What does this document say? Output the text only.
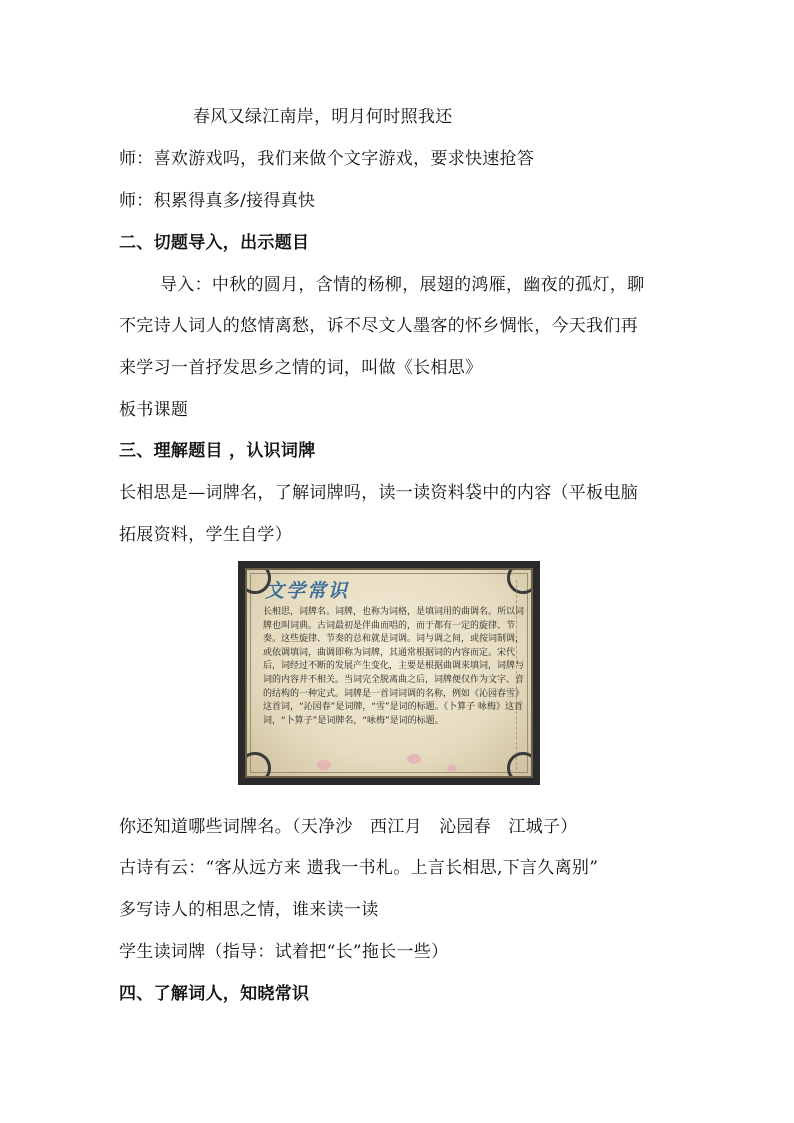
春风又绿江南岸，明月何时照我还
师：喜欢游戏吗，我们来做个文字游戏，要求快速抢答
师：积累得真多/接得真快
二、切题导入，出示题目
导入：中秋的圆月，含情的杨柳，展翅的鸿雁，幽夜的孤灯，聊
不完诗人词人的悠情离愁，诉不尽文人墨客的怀乡惆怅，今天我们再
来学习一首抒发思乡之情的词，叫做《长相思》
板书课题
三、理解题目 ，认识词牌
长相思是—词牌名，了解词牌吗，读一读资料袋中的内容（平板电脑
拓展资料，学生自学）
文学常识
长相思，词牌名。词牌，也称为词格，是填词用的曲调名。所以词牌也叫词典。古词最初是伴曲而唱的，而于都有一定的旋律、节奏。这些旋律、节奏的总和就是词调。词与调之间，或按词制调，或依调填词，曲调即称为词牌，其通常根据词的内容而定。宋代后，词经过不断的发展产生变化，主要是根据曲调来填词，词牌与词的内容并不相关。当词完全脱离曲之后，词牌便仅作为文字、音的结构的一种定式。词牌是一首词词调的名称，例如《沁园春雪》这首词，“沁园春”是词牌，“雪”是词的标题。《卜算子 咏梅》这首词，“卜算子”是词牌名，“咏梅”是词的标题。
你还知道哪些词牌名。（天净沙　西江月　沁园春　江城子）
古诗有云：“客从远方来 遗我一书札。上言长相思,下言久离别”
多写诗人的相思之情，谁来读一读
学生读词牌（指导：试着把“长”拖长一些）
四、了解词人，知晓常识
